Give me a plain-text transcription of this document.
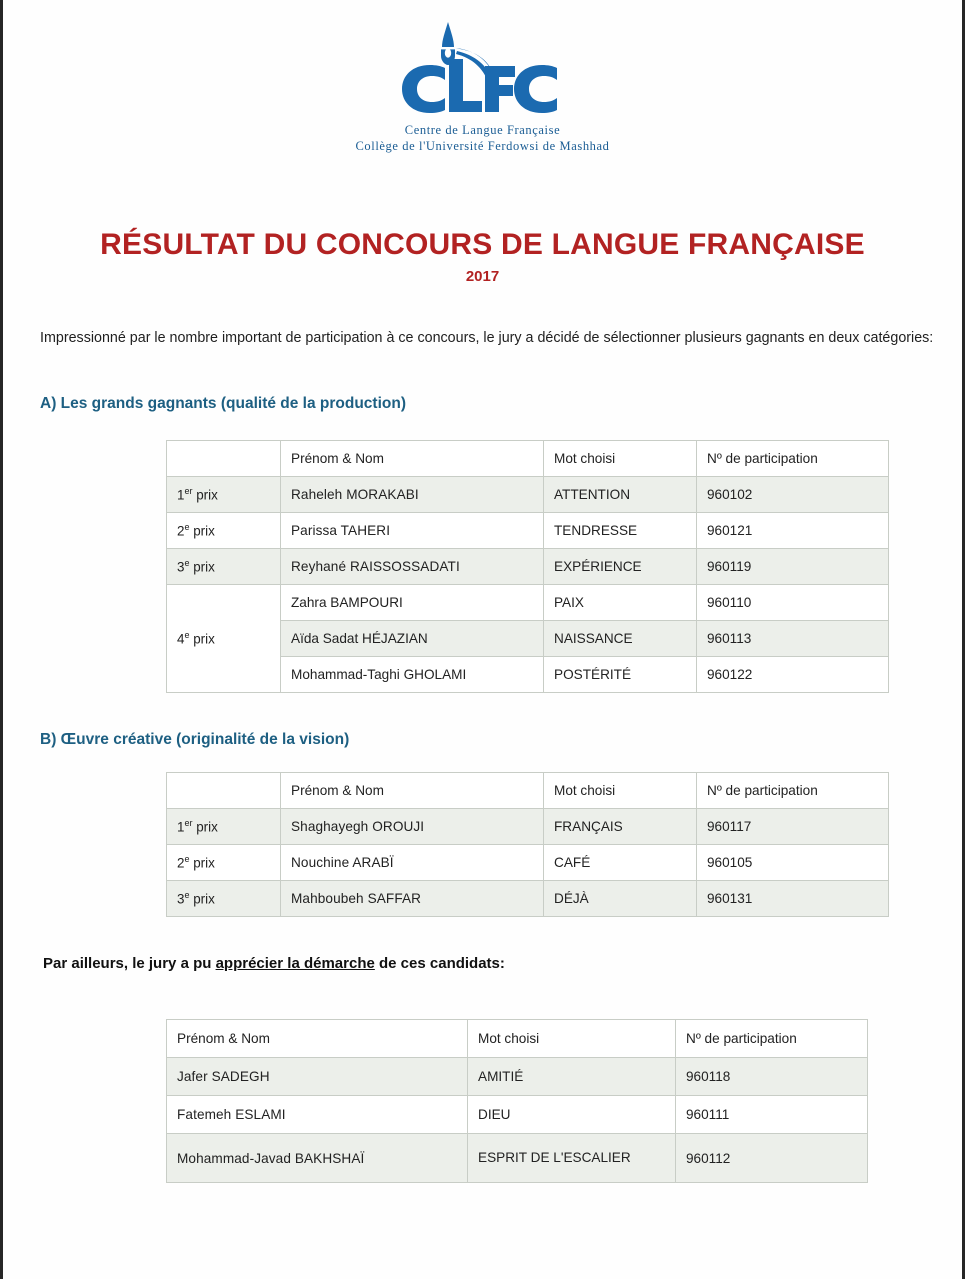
Centre de Langue Française
Collège de l'Université Ferdowsi de Mashhad
RÉSULTAT DU CONCOURS DE LANGUE FRANÇAISE
2017
Impressionné par le nombre important de participation à ce concours, le jury a décidé de sélectionner plusieurs gagnants en deux catégories:
A) Les grands gagnants (qualité de la production)
	Prénom & Nom	Mot choisi	Nº de participation
1er prix	Raheleh MORAKABI	ATTENTION	960102
2e prix	Parissa TAHERI	TENDRESSE	960121
3e prix	Reyhané RAISSOSSADATI	EXPÉRIENCE	960119
4e prix	Zahra BAMPOURI	PAIX	960110
	Aïda Sadat HÉJAZIAN	NAISSANCE	960113
	Mohammad-Taghi GHOLAMI	POSTÉRITÉ	960122
B) Œuvre créative (originalité de la vision)
	Prénom & Nom	Mot choisi	Nº de participation
1er prix	Shaghayegh OROUJI	FRANÇAIS	960117
2e prix	Nouchine ARABÏ	CAFÉ	960105
3e prix	Mahboubeh SAFFAR	DÉJÀ	960131
Par ailleurs, le jury a pu apprécier la démarche de ces candidats:
Prénom & Nom	Mot choisi	Nº de participation
Jafer SADEGH	AMITIÉ	960118
Fatemeh ESLAMI	DIEU	960111
Mohammad-Javad BAKHSHAÏ	ESPRIT DE L'ESCALIER	960112
